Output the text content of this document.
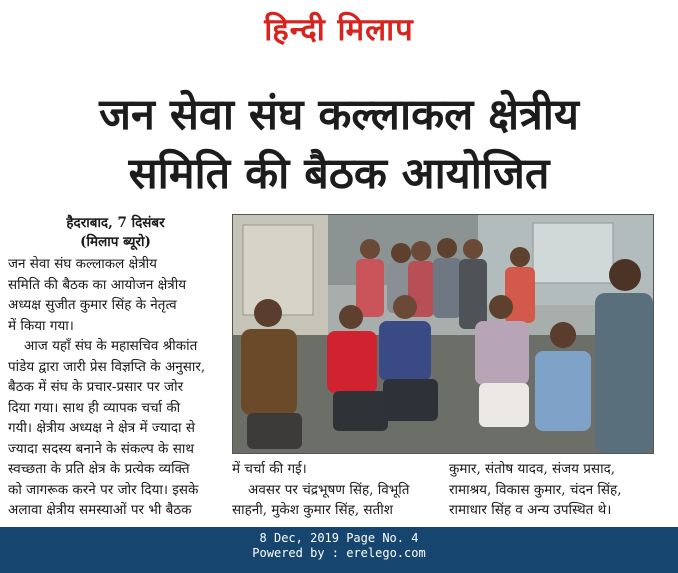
हिन्दी मिलाप
जन सेवा संघ कल्लाकल क्षेत्रीय
समिति की बैठक आयोजित
हैदराबाद, 7 दिसंबर
(मिलाप ब्यूरो)
जन सेवा संघ कल्लाकल क्षेत्रीय
समिति की बैठक का आयोजन क्षेत्रीय
अध्यक्ष सुजीत कुमार सिंह के नेतृत्व
में किया गया।
आज यहाँ संघ के महासचिव श्रीकांत
पांडेय द्वारा जारी प्रेस विज्ञप्ति के अनुसार,
बैठक में संघ के प्रचार-प्रसार पर जोर
दिया गया। साथ ही व्यापक चर्चा की
गयी। क्षेत्रीय अध्यक्ष ने क्षेत्र में ज्यादा से
ज्यादा सदस्य बनाने के संकल्प के साथ
स्वच्छता के प्रति क्षेत्र के प्रत्येक व्यक्ति
को जागरूक करने पर जोर दिया। इसके
अलावा क्षेत्रीय समस्याओं पर भी बैठक
में चर्चा की गई।
अवसर पर चंद्रभूषण सिंह, विभूति
साहनी, मुकेश कुमार सिंह, सतीश
कुमार, संतोष यादव, संजय प्रसाद,
रामाश्रय, विकास कुमार, चंदन सिंह,
रामाधार सिंह व अन्य उपस्थित थे।
8 Dec, 2019 Page No. 4
Powered by : erelego.com
